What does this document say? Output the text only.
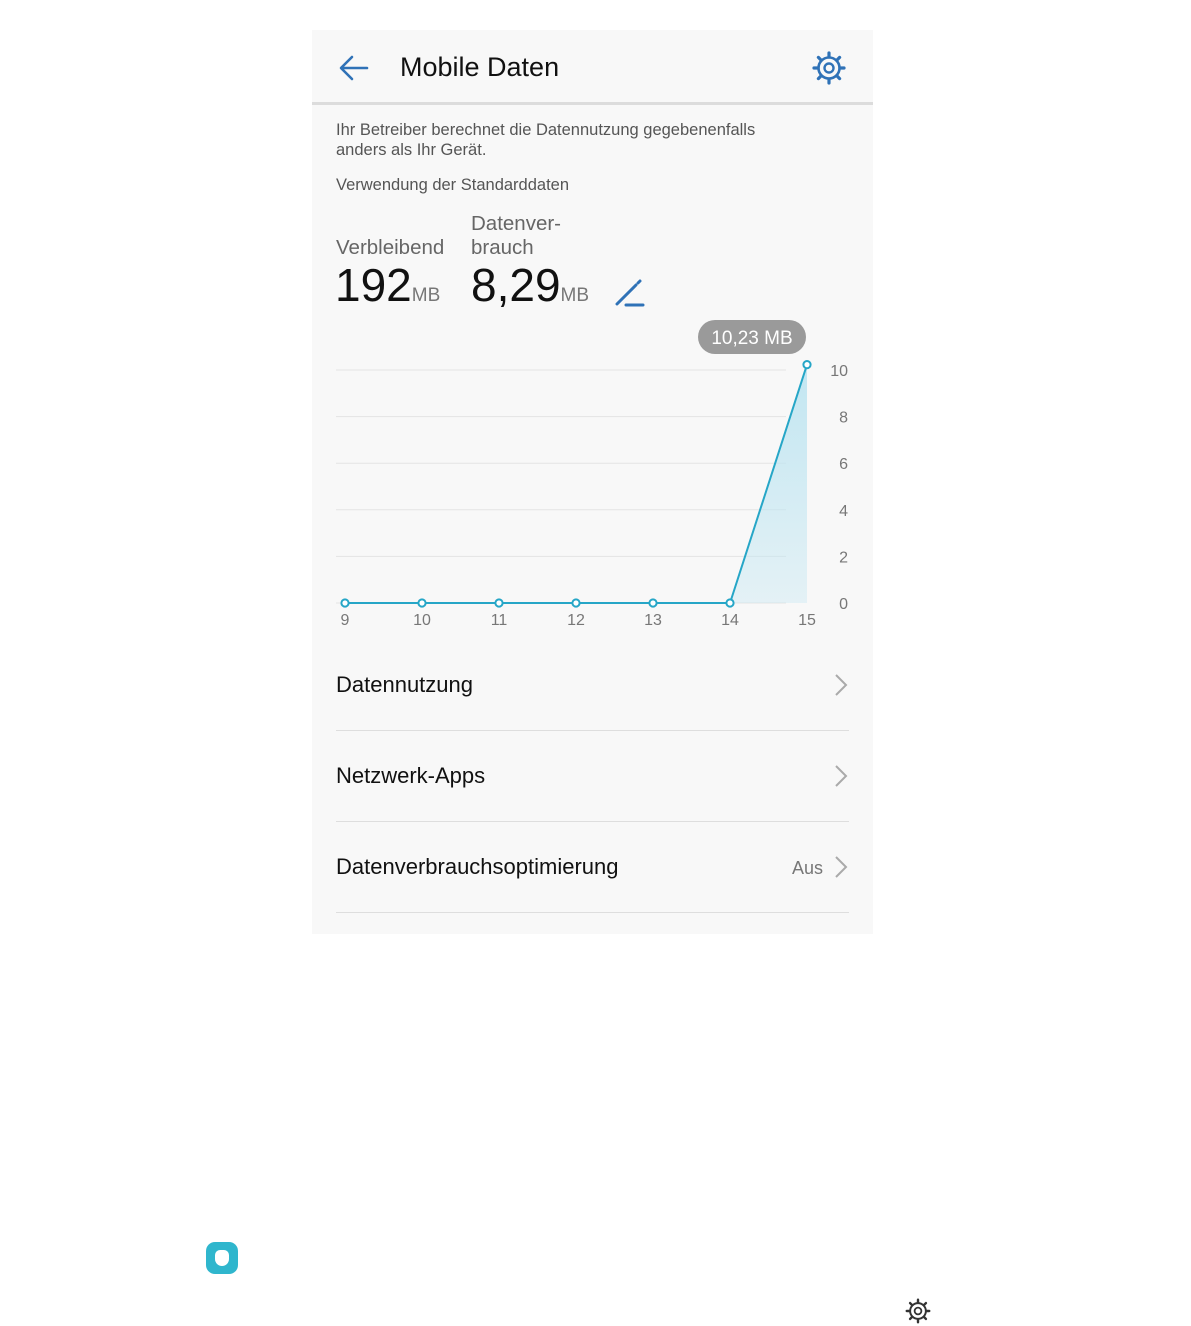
Mobile Daten
Ihr Betreiber berechnet die Datennutzung gegebenenfalls anders als Ihr Gerät.
Verwendung der Standarddaten
Verbleibend
192MB
Datenver-
brauch
8,29MB
9	10	11	12	13	14	15
0
2
4
6
8
10
10,23 MB
Datennutzung
Netzwerk-Apps
Datenverbrauchsoptimierung	Aus
